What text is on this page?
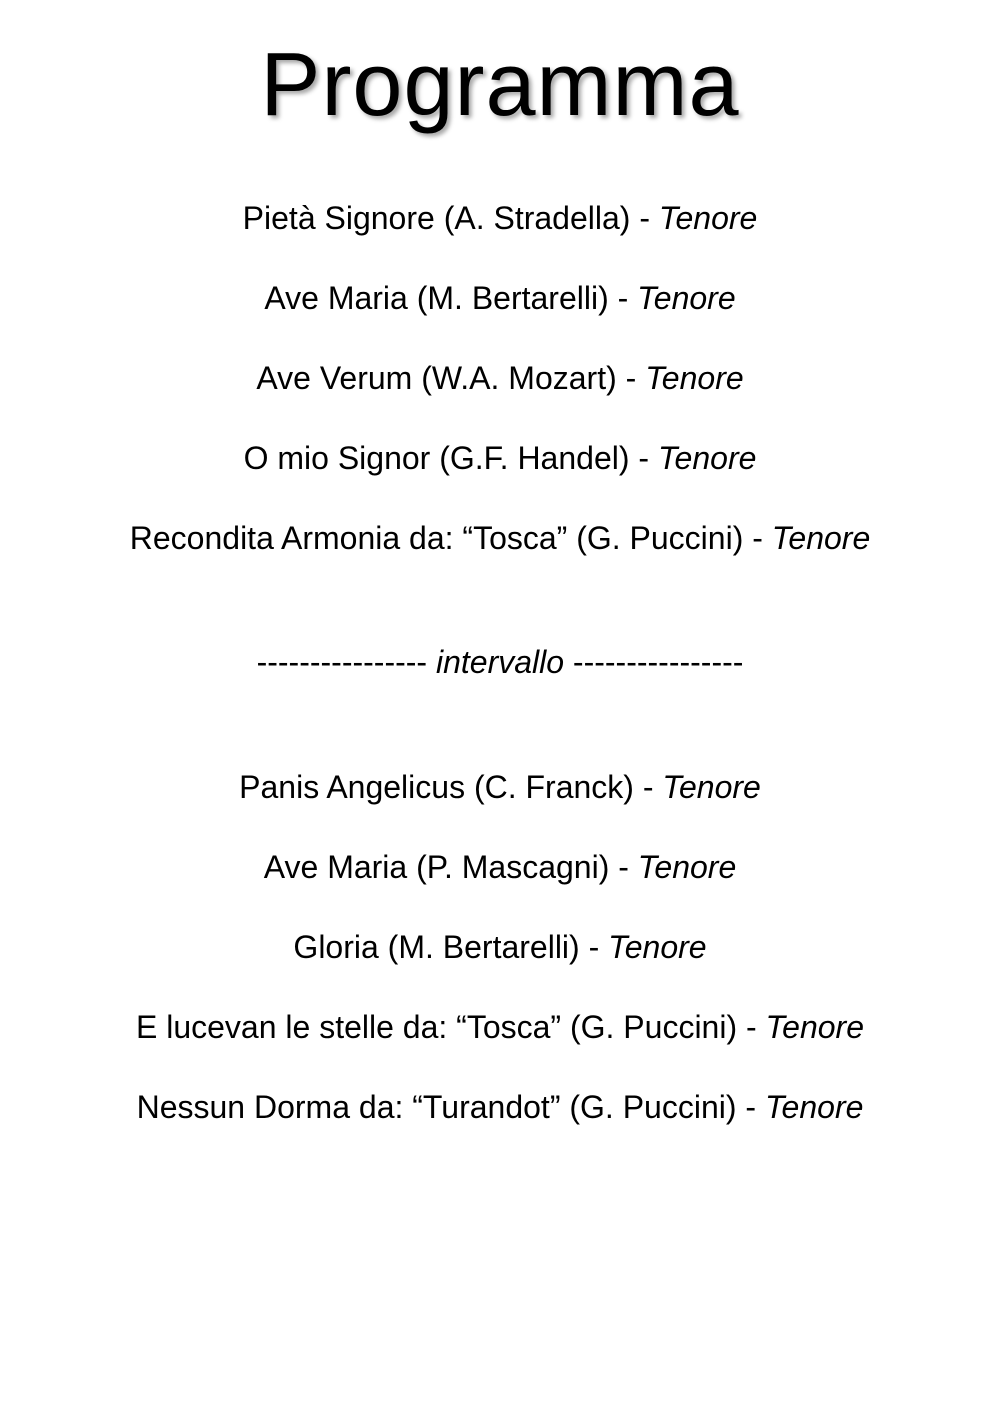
Programma
Pietà Signore (A. Stradella) - Tenore
Ave Maria (M. Bertarelli) - Tenore
Ave Verum (W.A. Mozart) - Tenore
O mio Signor (G.F. Handel) - Tenore
Recondita Armonia da: “Tosca” (G. Puccini) - Tenore
---------------- intervallo ----------------
Panis Angelicus (C. Franck) - Tenore
Ave Maria (P. Mascagni) - Tenore
Gloria (M. Bertarelli) - Tenore
E lucevan le stelle da: “Tosca” (G. Puccini) - Tenore
Nessun Dorma da: “Turandot” (G. Puccini) - Tenore
